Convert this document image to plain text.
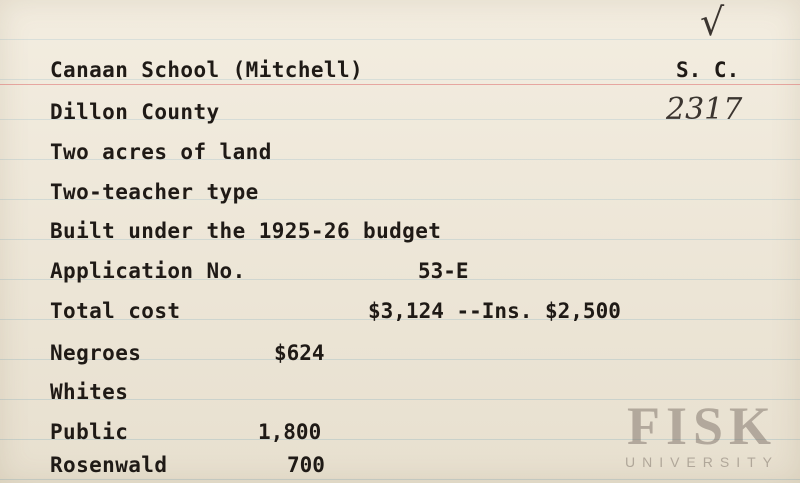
√
2317
S. C.
Canaan School (Mitchell)
Dillon County
Two acres of land
Two-teacher type
Built under the 1925-26 budget
Application No.	53-E
Total cost	$3,124 --Ins. $2,500
Negroes	$624
Whites
Public	1,800
Rosenwald	700
FISK
UNIVERSITY
